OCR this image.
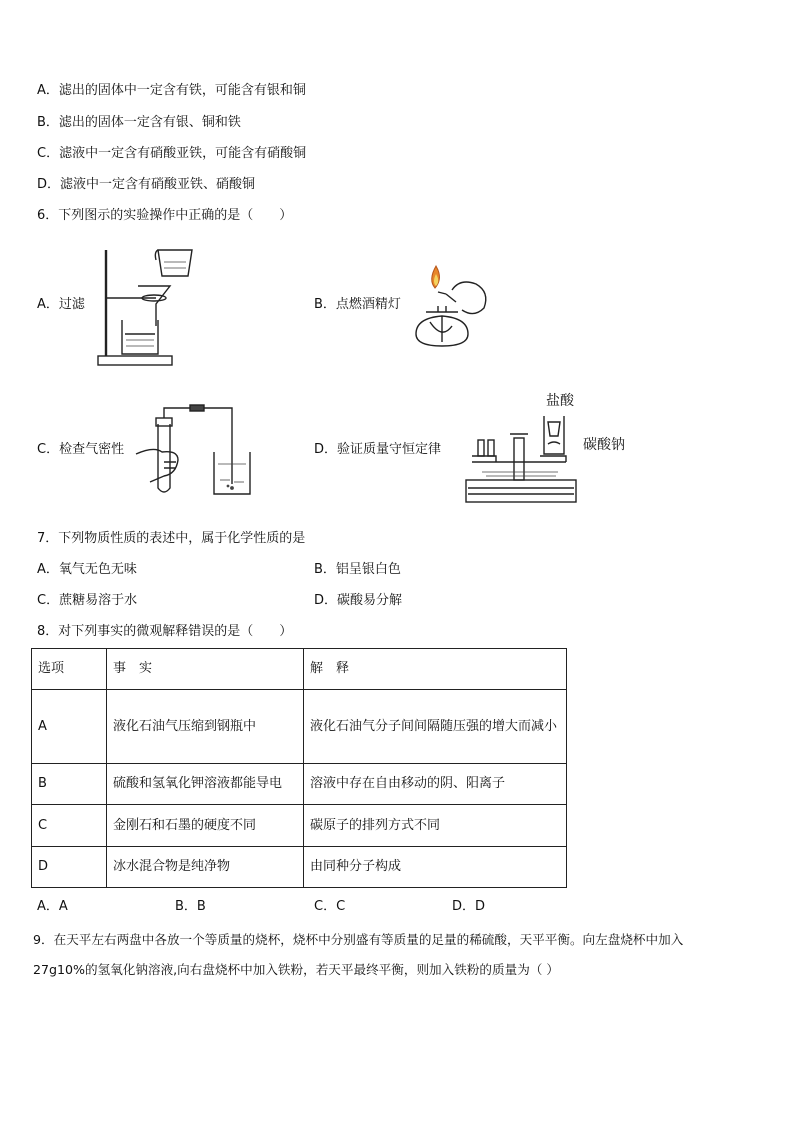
A．滤出的固体中一定含有铁，可能含有银和铜
B．滤出的固体一定含有银、铜和铁
C．滤液中一定含有硝酸亚铁，可能含有硝酸铜
D．滤液中一定含有硝酸亚铁、硝酸铜
6．下列图示的实验操作中正确的是（　　）
A．过滤	B．点燃酒精灯
C．检查气密性	D．验证质量守恒定律
盐酸
碳酸钠
7．下列物质性质的表述中，属于化学性质的是
A．氧气无色无味	B．铝呈银白色
C．蔗糖易溶于水	D．碳酸易分解
8．对下列事实的微观解释错误的是（　　）
选项	事　实	解　释
A	液化石油气压缩到钢瓶中	液化石油气分子间间隔随压强的增大而减小
B	硫酸和氢氧化钾溶液都能导电	溶液中存在自由移动的阴、阳离子
C	金刚石和石墨的硬度不同	碳原子的排列方式不同
D	冰水混合物是纯净物	由同种分子构成
A．A	B．B	C．C	D．D
9．在天平左右两盘中各放一个等质量的烧杯，烧杯中分别盛有等质量的足量的稀硫酸，天平平衡。向左盘烧杯中加入
27g10%的氢氧化钠溶液,向右盘烧杯中加入铁粉，若天平最终平衡，则加入铁粉的质量为（ ）
